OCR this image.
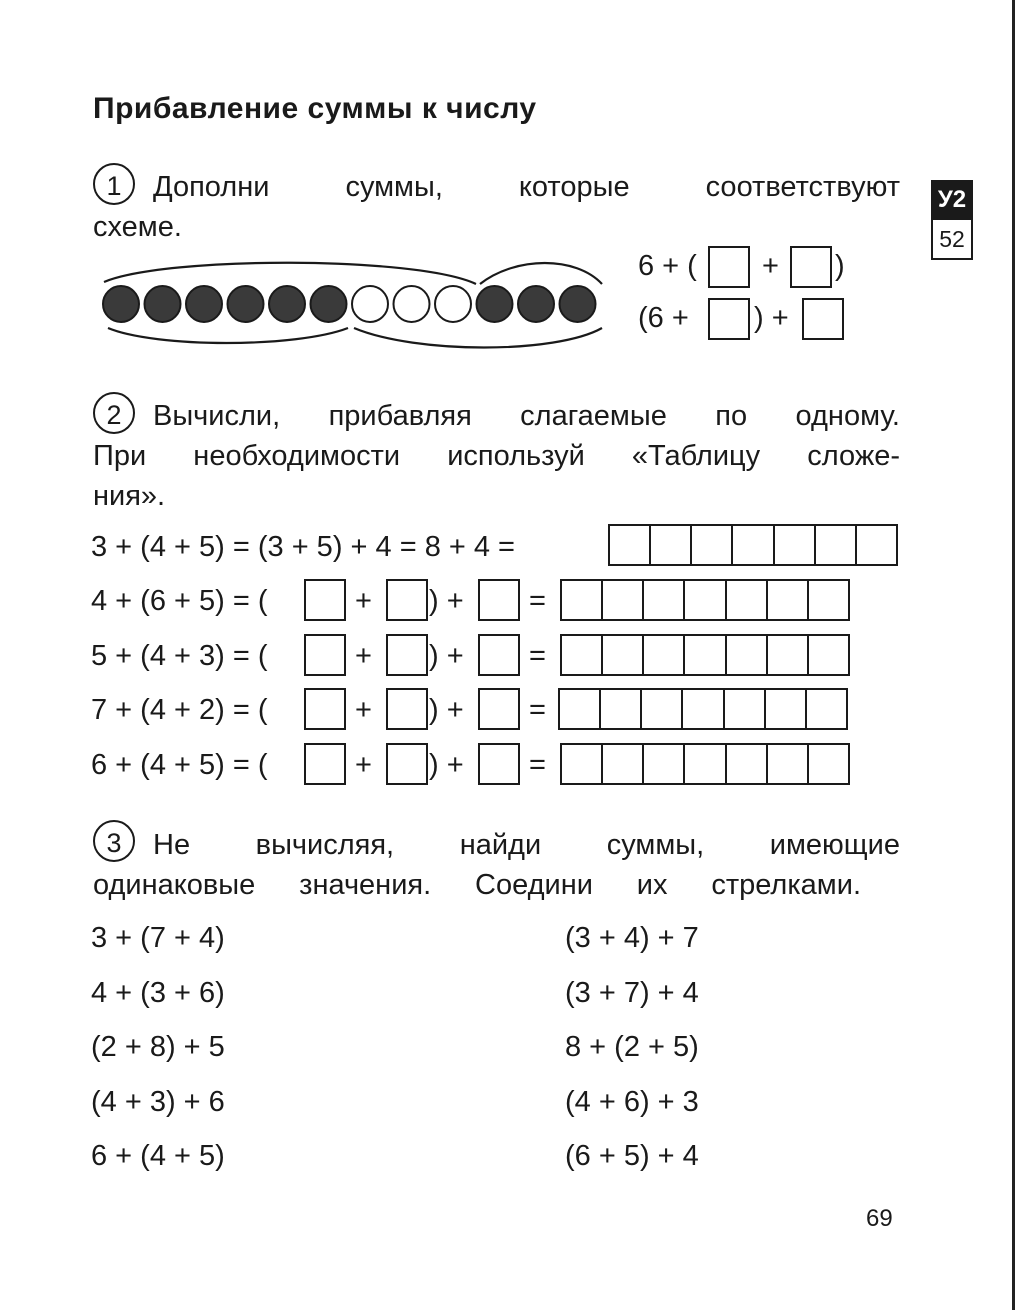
Прибавление суммы к числу
У2
52
1	Дополни суммы, которые соответствуют
схеме.
6 + ( + )
(6 + ) +
2	Вычисли, прибавляя слагаемые по одному.
При необходимости используй «Таблицу сложе-
ния».
3 + (4 + 5) = (3 + 5) + 4 = 8 + 4 =
4 + (6 + 5) = (	+ ) + =
5 + (4 + 3) = (	+ ) + =
7 + (4 + 2) = (	+ ) + =
6 + (4 + 5) = (	+ ) + =
3	Не вычисляя, найди суммы, имеющие
одинаковые значения. Соедини их стрелками.
3 + (7 + 4)
4 + (3 + 6)
(2 + 8) + 5
(4 + 3) + 6
6 + (4 + 5)
(3 + 4) + 7
(3 + 7) + 4
8 + (2 + 5)
(4 + 6) + 3
(6 + 5) + 4
69
